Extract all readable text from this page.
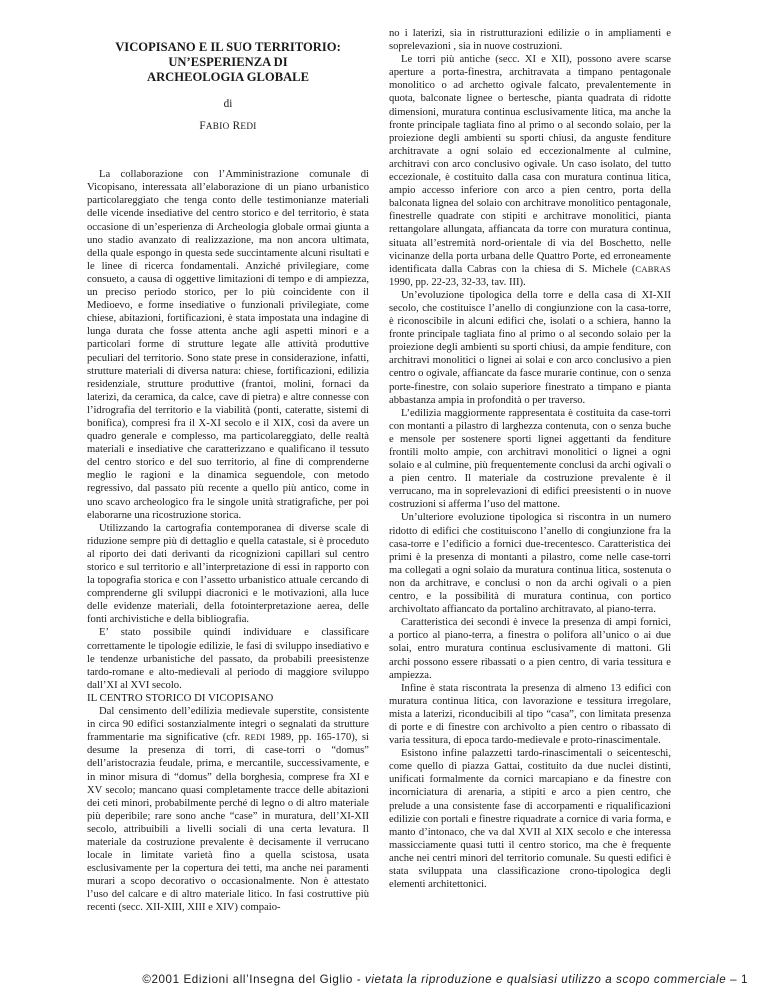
VICOPISANO E IL SUO TERRITORIO:
UN’ESPERIENZA DI
ARCHEOLOGIA GLOBALE
di
FABIO REDI

La collaborazione con l’Amministrazione comunale di Vicopisano, interessata all’elaborazione di un piano urbanistico particolareggiato che tenga conto delle testimonianze materiali delle vicende insediative del centro storico e del territorio, è stata occasione di un’esperienza di Archeologia globale ormai giunta a uno stadio avanzato di realizzazione, ma non ancora ultimata, della quale espongo in questa sede succintamente alcuni risultati e le linee di ricerca fondamentali. Anziché privilegiare, come consueto, a causa di oggettive limitazioni di tempo e di ampiezza, un preciso periodo storico, per lo più coincidente con il Medioevo, e forme insediative o funzionali privilegiate, come chiese, abitazioni, fortificazioni, è stata impostata una indagine di lunga durata che fosse attenta anche agli aspetti minori e a particolari forme di strutture legate alle attività produttive peculiari del territorio. Sono state prese in considerazione, infatti, strutture materiali di diversa natura: chiese, fortificazioni, edilizia residenziale, strutture produttive (frantoi, molini, fornaci da laterizi, da ceramica, da calce, cave di pietra) e altre connesse con l’idrografia del territorio e la viabilità (ponti, cateratte, sistemi di bonifica), compresi fra il X-XI secolo e il XIX, così da avere un quadro generale e complesso, ma particolareggiato, delle realtà materiali e insediative che caratterizzano e qualificano il tessuto del centro storico e del suo territorio, al fine di comprenderne meglio le ragioni e la dinamica seguendole, con metodo regressivo, dal passato più recente a quello più antico, come in uno scavo archeologico fra le singole unità stratigrafiche, per poi elaborarne una ricostruzione storica.

Utilizzando la cartografia contemporanea di diverse scale di riduzione sempre più di dettaglio e quella catastale, si è proceduto al riporto dei dati derivanti da ricognizioni capillari sul centro storico e sul territorio e all’interpretazione di essi in rapporto con la topografia storica e con l’assetto urbanistico attuale cercando di comprenderne gli sviluppi diacronici e le motivazioni, alla luce delle evidenze materiali, della fotointerpretazione aerea, delle fonti archivistiche e della bibliografia.

E’ stato possibile quindi individuare e classificare correttamente le tipologie edilizie, le fasi di sviluppo insediativo e le tendenze urbanistiche del passato, da probabili preesistenze tardo-romane e alto-medievali al periodo di maggiore sviluppo dall’XI al XVI secolo.

IL CENTRO STORICO DI VICOPISANO

Dal censimento dell’edilizia medievale superstite, consistente in circa 90 edifici sostanzialmente integri o segnalati da strutture frammentarie ma significative (cfr. REDI 1989, pp. 165-170), si desume la presenza di torri, di case-torri o “domus” dell’aristocrazia feudale, prima, e mercantile, successivamente, e in minor misura di “domus” della borghesia, comprese fra XI e XV secolo; mancano quasi completamente tracce delle abitazioni dei ceti minori, probabilmente perché di legno o di altro materiale più deperibile; rare sono anche “case” in muratura, dell’XI-XII secolo, attribuibili a livelli sociali di una certa levatura. Il materiale da costruzione prevalente è decisamente il verrucano locale in limitate varietà fino a quella scistosa, usata esclusivamente per la copertura dei tetti, ma anche nei paramenti murari a scopo decorativo o occasionalmente. Non è attestato l’uso del calcare e di altro materiale litico. In fasi costruttive più recenti (secc. XII-XIII, XIII e XIV) compaio-

no i laterizi, sia in ristrutturazioni edilizie o in ampliamenti e soprelevazioni , sia in nuove costruzioni.

Le torri più antiche (secc. XI e XII), possono avere scarse aperture a porta-finestra, architravata a timpano pentagonale monolitico o ad archetto ogivale falcato, prevalentemente in quota, balconate lignee o bertesche, pianta quadrata di ridotte dimensioni, muratura continua esclusivamente litica, ma anche la fronte principale tagliata fino al primo o al secondo solaio, per la proiezione degli ambienti su sporti chiusi, da anguste fenditure architravate a ogni solaio ed eccezionalmente al culmine, architravi con arco conclusivo ogivale. Un caso isolato, del tutto eccezionale, è costituito dalla casa con muratura continua litica, ampio accesso inferiore con arco a pien centro, porta della balconata lignea del solaio con architrave monolitico pentagonale, finestrelle quadrate con stipiti e architrave monolitici, pianta rettangolare allungata, affiancata da torre con muratura continua, situata all’estremità nord-orientale di via del Boschetto, nelle vicinanze della porta urbana delle Quattro Porte, ed erroneamente identificata dalla Cabras con la chiesa di S. Michele (CABRAS 1990, pp. 22-23, 32-33, tav. III).

Un’evoluzione tipologica della torre e della casa di XI-XII secolo, che costituisce l’anello di congiunzione con la casa-torre, è riconoscibile in alcuni edifici che, isolati o a schiera, hanno la fronte principale tagliata fino al primo o al secondo solaio per la proiezione degli ambienti su sporti chiusi, da ampie fenditure, con architravi monolitici o lignei ai solai e con arco conclusivo a pien centro o ogivale, affiancate da fasce murarie continue, con o senza porte-finestre, con solaio superiore finestrato a timpano e pianta abbastanza ampia in profondità o per traverso.

L’edilizia maggiormente rappresentata è costituita da case-torri con montanti a pilastro di larghezza contenuta, con o senza buche e mensole per sostenere sporti lignei aggettanti da fenditure frontili molto ampie, con architravi monolitici o lignei a ogni solaio e al culmine, più frequentemente conclusi da archi ogivali o a pien centro. Il materiale da costruzione prevalente è il verrucano, ma in soprelevazioni di edifici preesistenti o in nuove costruzioni si afferma l’uso del mattone.

Un’ulteriore evoluzione tipologica si riscontra in un numero ridotto di edifici che costituiscono l’anello di congiunzione fra la casa-torre e l’edificio a fornici due-trecentesco. Caratteristica dei primi è la presenza di montanti a pilastro, come nelle case-torri ma collegati a ogni solaio da muratura continua litica, sostenuta o non da architrave, e conclusi o non da archi ogivali o a pien centro, e la possibilità di muratura continua, con portico archivoltato affiancato da portalino architravato, al piano-terra.

Caratteristica dei secondi è invece la presenza di ampi fornici, a portico al piano-terra, a finestra o polifora all’unico o ai due solai, entro muratura continua esclusivamente di mattoni. Gli archi possono essere ribassati o a pien centro, di varia tessitura e ampiezza.

Infine è stata riscontrata la presenza di almeno 13 edifici con muratura continua litica, con lavorazione e tessitura irregolare, mista a laterizi, riconducibili al tipo “casa”, con limitata presenza di porte e di finestre con archivolto a pien centro o ribassato di varia tessitura, di epoca tardo-medievale e proto-rinascimentale.

Esistono infine palazzetti tardo-rinascimentali o seicenteschi, come quello di piazza Gattai, costituito da due nuclei distinti, unificati formalmente da cornici marcapiano e da finestre con incorniciatura di arenaria, a stipiti e arco a pien centro, che prelude a una consistente fase di accorpamenti e riqualificazioni edilizie con portali e finestre riquadrate a cornice di varia forma, e manto d’intonaco, che va dal XVII al XIX secolo e che interessa massicciamente quasi tutti il centro storico, ma che è frequente anche nei centri minori del territorio comunale. Su questi edifici è stata sviluppata una classificazione crono-tipologica degli elementi architettonici.

©2001 Edizioni all’Insegna del Giglio - vietata la riproduzione e qualsiasi utilizzo a scopo commerciale – 1
